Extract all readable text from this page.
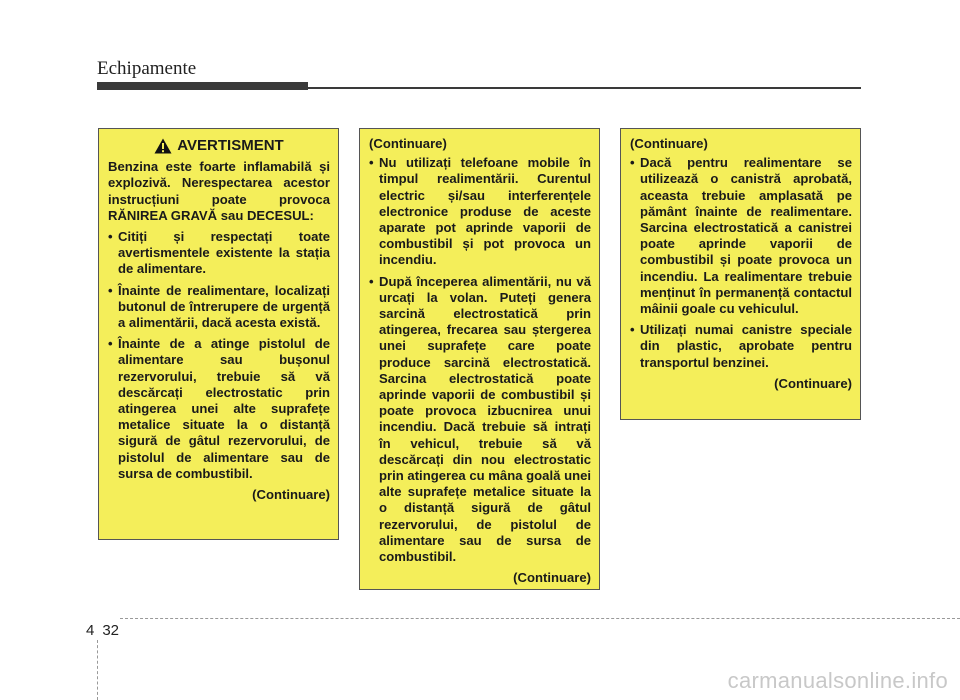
Echipamente
AVERTISMENT

Benzina este foarte inflamabilă și explozivă. Nerespectarea acestor instrucțiuni poate provoca RĂNIREA GRAVĂ sau DECESUL:

• Citiți și respectați toate avertismentele existente la stația de alimentare.
• Înainte de realimentare, localizați butonul de întrerupere de urgență a alimentării, dacă acesta există.
• Înainte de a atinge pistolul de alimentare sau bușonul rezervorului, trebuie să vă descărcați electrostatic prin atingerea unei alte suprafețe metalice situate la o distanță sigură de gâtul rezervorului, de pistolul de alimentare sau de sursa de combustibil.
(Continuare)
(Continuare)
• Nu utilizați telefoane mobile în timpul realimentării. Curentul electric și/sau interferențele electronice produse de aceste aparate pot aprinde vaporii de combustibil și pot provoca un incendiu.
• După începerea alimentării, nu vă urcați la volan. Puteți genera sarcină electrostatică prin atingerea, frecarea sau ștergerea unei suprafețe care poate produce sarcină electrostatică. Sarcina electrostatică poate aprinde vaporii de combustibil și poate provoca izbucnirea unui incendiu. Dacă trebuie să intrați în vehicul, trebuie să vă descărcați din nou electrostatic prin atingerea cu mâna goală unei alte suprafețe metalice situate la o distanță sigură de gâtul rezervorului, de pistolul de alimentare sau de sursa de combustibil.
(Continuare)
(Continuare)
• Dacă pentru realimentare se utilizează o canistră aprobată, aceasta trebuie amplasată pe pământ înainte de realimentare. Sarcina electrostatică a canistrei poate aprinde vaporii de combustibil și poate provoca un incendiu. La realimentare trebuie menținut în permanență contactul mâinii goale cu vehiculul.
• Utilizați numai canistre speciale din plastic, aprobate pentru transportul benzinei.
(Continuare)
4 32
carmanualsonline.info
